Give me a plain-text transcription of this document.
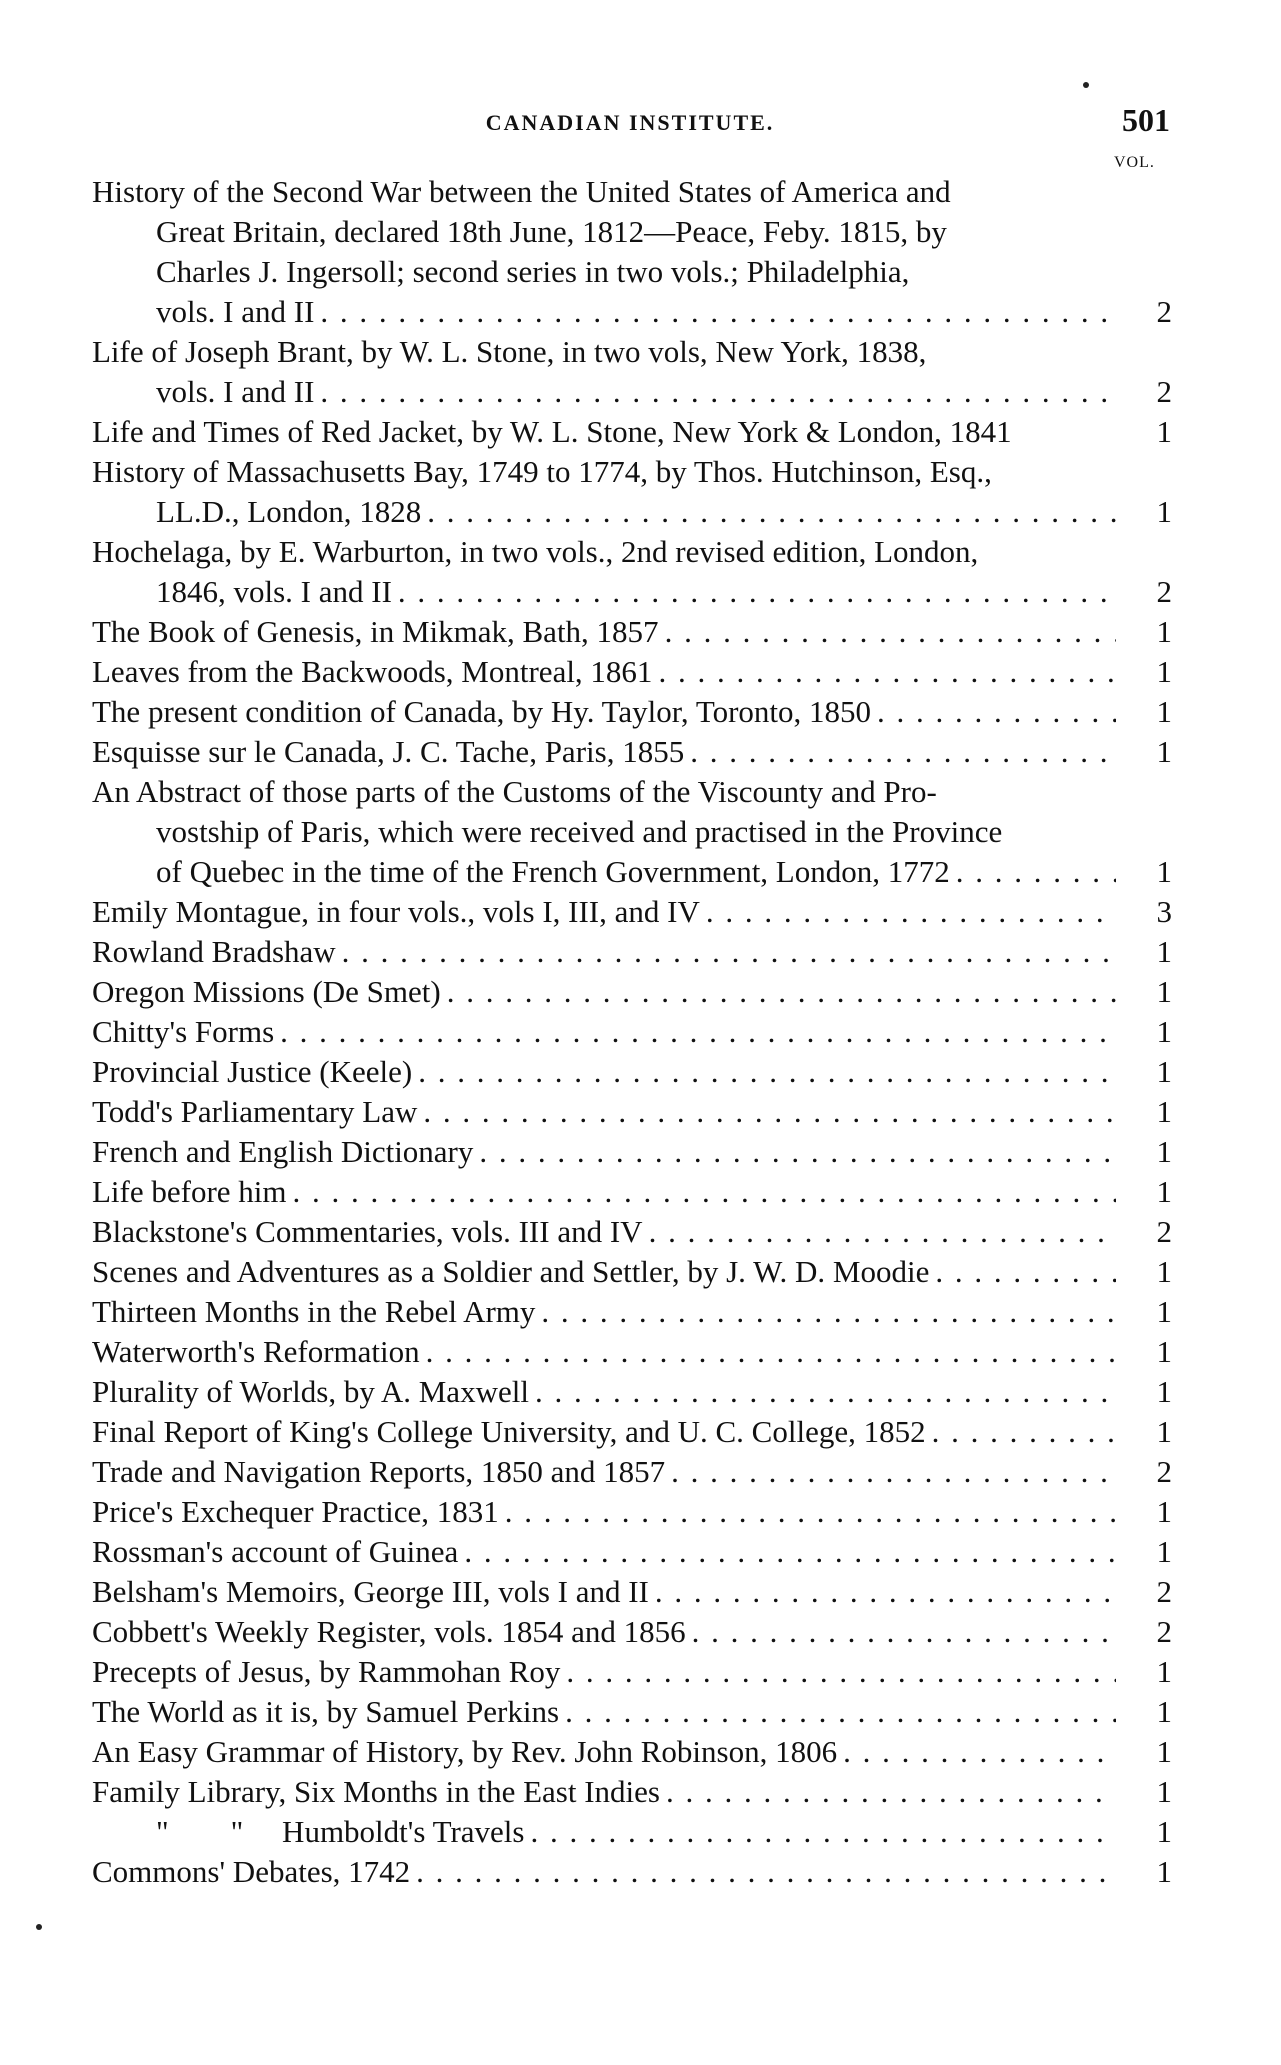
CANADIAN INSTITUTE.	501
VOL.
History of the Second War between the United States of America and
Great Britain, declared 18th June, 1812—Peace, Feby. 1815, by
Charles J. Ingersoll; second series in two vols.; Philadelphia,
vols. I and II . . .	2
Life of Joseph Brant, by W. L. Stone, in two vols, New York, 1838,
vols. I and II . . .	2
Life and Times of Red Jacket, by W. L. Stone, New York & London, 1841	1
History of Massachusetts Bay, 1749 to 1774, by Thos. Hutchinson, Esq.,
LL.D., London, 1828 . . .	1
Hochelaga, by E. Warburton, in two vols., 2nd revised edition, London,
1846, vols. I and II . . .	2
The Book of Genesis, in Mikmak, Bath, 1857 . . .	1
Leaves from the Backwoods, Montreal, 1861 . . .	1
The present condition of Canada, by Hy. Taylor, Toronto, 1850 . . .	1
Esquisse sur le Canada, J. C. Tache, Paris, 1855 . . .	1
An Abstract of those parts of the Customs of the Viscounty and Pro-
vostship of Paris, which were received and practised in the Province
of Quebec in the time of the French Government, London, 1772 . . .	1
Emily Montague, in four vols., vols I, III, and IV . . .	3
Rowland Bradshaw . . .	1
Oregon Missions (De Smet) . . .	1
Chitty's Forms . . .	1
Provincial Justice (Keele) . . .	1
Todd's Parliamentary Law . . .	1
French and English Dictionary . . .	1
Life before him . . .	1
Blackstone's Commentaries, vols. III and IV . . .	2
Scenes and Adventures as a Soldier and Settler, by J. W. D. Moodie . . .	1
Thirteen Months in the Rebel Army . . .	1
Waterworth's Reformation . . .	1
Plurality of Worlds, by A. Maxwell . . .	1
Final Report of King's College University, and U. C. College, 1852 . . .	1
Trade and Navigation Reports, 1850 and 1857 . . .	2
Price's Exchequer Practice, 1831 . . .	1
Rossman's account of Guinea . . .	1
Belsham's Memoirs, George III, vols I and II . . .	2
Cobbett's Weekly Register, vols. 1854 and 1856 . . .	2
Precepts of Jesus, by Rammohan Roy . . .	1
The World as it is, by Samuel Perkins . . .	1
An Easy Grammar of History, by Rev. John Robinson, 1806 . . .	1
Family Library, Six Months in the East Indies . . .	1
"        "     Humboldt's Travels . . .	1
Commons' Debates, 1742 . . .	1
